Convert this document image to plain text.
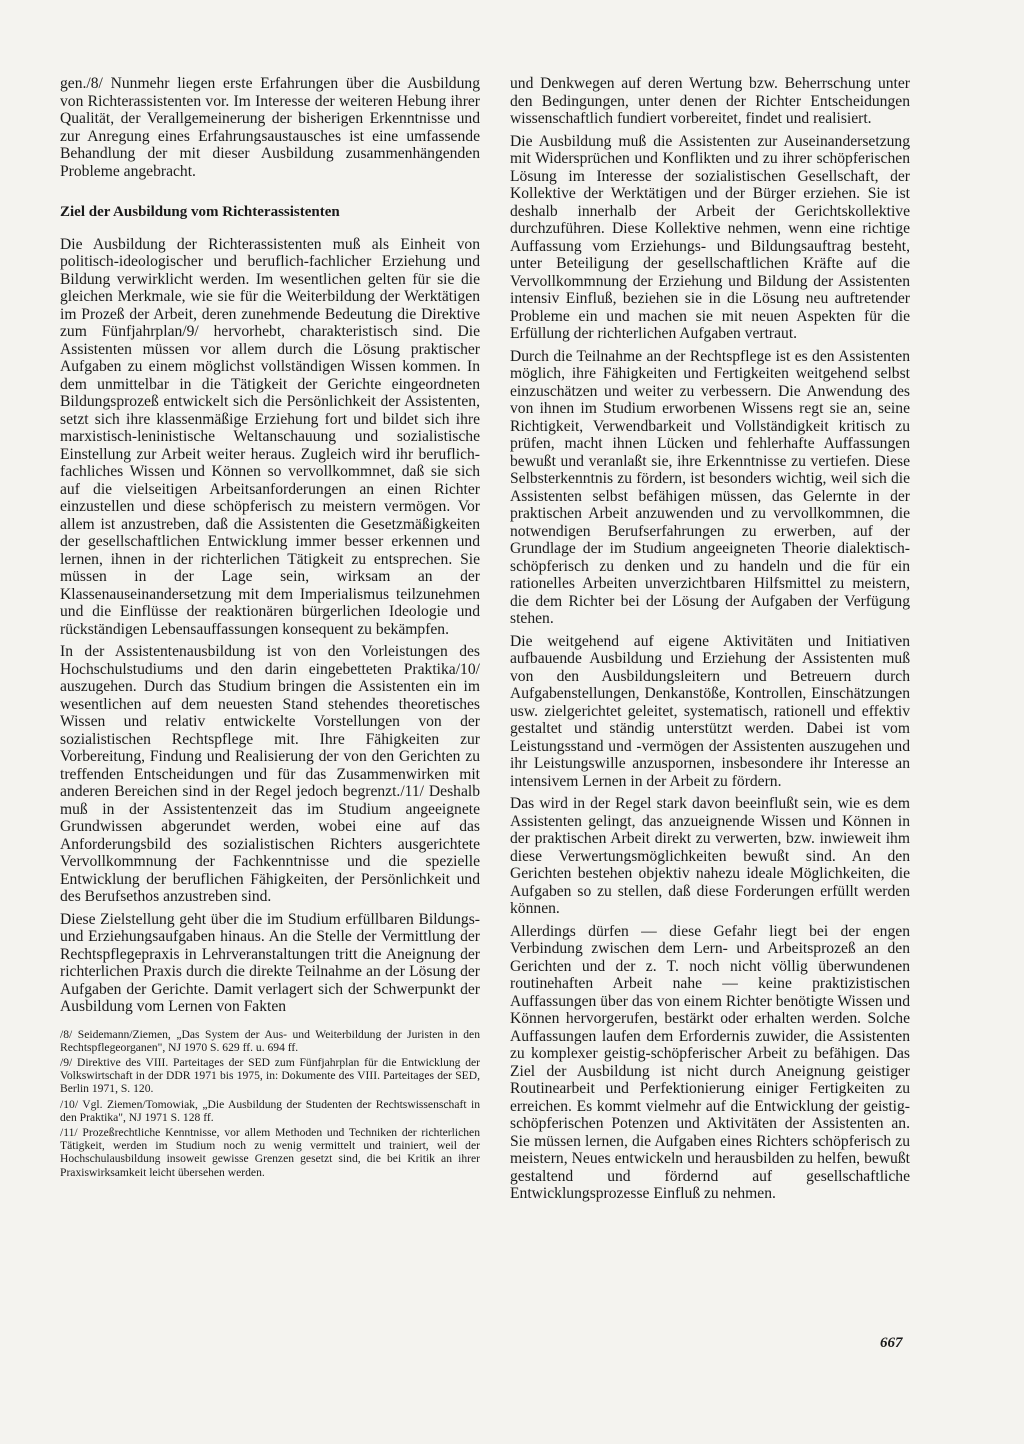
gen./8/ Nunmehr liegen erste Erfahrungen über die Ausbildung von Richterassistenten vor. Im Interesse der weiteren Hebung ihrer Qualität, der Verallgemeinerung der bisherigen Erkenntnisse und zur Anregung eines Erfahrungsaustausches ist eine umfassende Behandlung der mit dieser Ausbildung zusammenhängenden Probleme angebracht.

Ziel der Ausbildung vom Richterassistenten

Die Ausbildung der Richterassistenten muß als Einheit von politisch-ideologischer und beruflich-fachlicher Erziehung und Bildung verwirklicht werden. Im wesentlichen gelten für sie die gleichen Merkmale, wie sie für die Weiterbildung der Werktätigen im Prozeß der Arbeit, deren zunehmende Bedeutung die Direktive zum Fünfjahrplan/9/ hervorhebt, charakteristisch sind. Die Assistenten müssen vor allem durch die Lösung praktischer Aufgaben zu einem möglichst vollständigen Wissen kommen. In dem unmittelbar in die Tätigkeit der Gerichte eingeordneten Bildungsprozeß entwickelt sich die Persönlichkeit der Assistenten, setzt sich ihre klassenmäßige Erziehung fort und bildet sich ihre marxistisch-leninistische Weltanschauung und sozialistische Einstellung zur Arbeit weiter heraus. Zugleich wird ihr beruflich-fachliches Wissen und Können so vervollkommnet, daß sie sich auf die vielseitigen Arbeitsanforderungen an einen Richter einzustellen und diese schöpferisch zu meistern vermögen. Vor allem ist anzustreben, daß die Assistenten die Gesetzmäßigkeiten der gesellschaftlichen Entwicklung immer besser erkennen und lernen, ihnen in der richterlichen Tätigkeit zu entsprechen. Sie müssen in der Lage sein, wirksam an der Klassenauseinandersetzung mit dem Imperialismus teilzunehmen und die Einflüsse der reaktionären bürgerlichen Ideologie und rückständigen Lebensauffassungen konsequent zu bekämpfen.

In der Assistentenausbildung ist von den Vorleistungen des Hochschulstudiums und den darin eingebetteten Praktika/10/ auszugehen. Durch das Studium bringen die Assistenten ein im wesentlichen auf dem neuesten Stand stehendes theoretisches Wissen und relativ entwickelte Vorstellungen von der sozialistischen Rechtspflege mit. Ihre Fähigkeiten zur Vorbereitung, Findung und Realisierung der von den Gerichten zu treffenden Entscheidungen und für das Zusammenwirken mit anderen Bereichen sind in der Regel jedoch begrenzt./11/ Deshalb muß in der Assistentenzeit das im Studium angeeignete Grundwissen abgerundet werden, wobei eine auf das Anforderungsbild des sozialistischen Richters ausgerichtete Vervollkommnung der Fachkenntnisse und die spezielle Entwicklung der beruflichen Fähigkeiten, der Persönlichkeit und des Berufsethos anzustreben sind.

Diese Zielstellung geht über die im Studium erfüllbaren Bildungs- und Erziehungsaufgaben hinaus. An die Stelle der Vermittlung der Rechtspflegepraxis in Lehrveranstaltungen tritt die Aneignung der richterlichen Praxis durch die direkte Teilnahme an der Lösung der Aufgaben der Gerichte. Damit verlagert sich der Schwerpunkt der Ausbildung vom Lernen von Fakten

/8/ Seidemann/Ziemen, „Das System der Aus- und Weiterbildung der Juristen in den Rechtspflegeorganen", NJ 1970 S. 629 ff. u. 694 ff.

/9/ Direktive des VIII. Parteitages der SED zum Fünfjahrplan für die Entwicklung der Volkswirtschaft in der DDR 1971 bis 1975, in: Dokumente des VIII. Parteitages der SED, Berlin 1971, S. 120.

/10/ Vgl. Ziemen/Tomowiak, „Die Ausbildung der Studenten der Rechtswissenschaft in den Praktika", NJ 1971 S. 128 ff.

/11/ Prozeßrechtliche Kenntnisse, vor allem Methoden und Techniken der richterlichen Tätigkeit, werden im Studium noch zu wenig vermittelt und trainiert, weil der Hochschulausbildung insoweit gewisse Grenzen gesetzt sind, die bei Kritik an ihrer Praxiswirksamkeit leicht übersehen werden.

und Denkwegen auf deren Wertung bzw. Beherrschung unter den Bedingungen, unter denen der Richter Entscheidungen wissenschaftlich fundiert vorbereitet, findet und realisiert.

Die Ausbildung muß die Assistenten zur Auseinandersetzung mit Widersprüchen und Konflikten und zu ihrer schöpferischen Lösung im Interesse der sozialistischen Gesellschaft, der Kollektive der Werktätigen und der Bürger erziehen. Sie ist deshalb innerhalb der Arbeit der Gerichtskollektive durchzuführen. Diese Kollektive nehmen, wenn eine richtige Auffassung vom Erziehungs- und Bildungsauftrag besteht, unter Beteiligung der gesellschaftlichen Kräfte auf die Vervollkommnung der Erziehung und Bildung der Assistenten intensiv Einfluß, beziehen sie in die Lösung neu auftretender Probleme ein und machen sie mit neuen Aspekten für die Erfüllung der richterlichen Aufgaben vertraut.

Durch die Teilnahme an der Rechtspflege ist es den Assistenten möglich, ihre Fähigkeiten und Fertigkeiten weitgehend selbst einzuschätzen und weiter zu verbessern. Die Anwendung des von ihnen im Studium erworbenen Wissens regt sie an, seine Richtigkeit, Verwendbarkeit und Vollständigkeit kritisch zu prüfen, macht ihnen Lücken und fehlerhafte Auffassungen bewußt und veranlaßt sie, ihre Erkenntnisse zu vertiefen. Diese Selbsterkenntnis zu fördern, ist besonders wichtig, weil sich die Assistenten selbst befähigen müssen, das Gelernte in der praktischen Arbeit anzuwenden und zu vervollkommnen, die notwendigen Berufserfahrungen zu erwerben, auf der Grundlage der im Studium angeeigneten Theorie dialektisch-schöpferisch zu denken und zu handeln und die für ein rationelles Arbeiten unverzichtbaren Hilfsmittel zu meistern, die dem Richter bei der Lösung der Aufgaben der Verfügung stehen.

Die weitgehend auf eigene Aktivitäten und Initiativen aufbauende Ausbildung und Erziehung der Assistenten muß von den Ausbildungsleitern und Betreuern durch Aufgabenstellungen, Denkanstöße, Kontrollen, Einschätzungen usw. zielgerichtet geleitet, systematisch, rationell und effektiv gestaltet und ständig unterstützt werden. Dabei ist vom Leistungsstand und -vermögen der Assistenten auszugehen und ihr Leistungswille anzuspornen, insbesondere ihr Interesse an intensivem Lernen in der Arbeit zu fördern.

Das wird in der Regel stark davon beeinflußt sein, wie es dem Assistenten gelingt, das anzueignende Wissen und Können in der praktischen Arbeit direkt zu verwerten, bzw. inwieweit ihm diese Verwertungsmöglichkeiten bewußt sind. An den Gerichten bestehen objektiv nahezu ideale Möglichkeiten, die Aufgaben so zu stellen, daß diese Forderungen erfüllt werden können.

Allerdings dürfen — diese Gefahr liegt bei der engen Verbindung zwischen dem Lern- und Arbeitsprozeß an den Gerichten und der z. T. noch nicht völlig überwundenen routinehaften Arbeit nahe — keine praktizistischen Auffassungen über das von einem Richter benötigte Wissen und Können hervorgerufen, bestärkt oder erhalten werden. Solche Auffassungen laufen dem Erfordernis zuwider, die Assistenten zu komplexer geistig-schöpferischer Arbeit zu befähigen. Das Ziel der Ausbildung ist nicht durch Aneignung geistiger Routinearbeit und Perfektionierung einiger Fertigkeiten zu erreichen. Es kommt vielmehr auf die Entwicklung der geistig-schöpferischen Potenzen und Aktivitäten der Assistenten an. Sie müssen lernen, die Aufgaben eines Richters schöpferisch zu meistern, Neues entwickeln und herausbilden zu helfen, bewußt gestaltend und fördernd auf gesellschaftliche Entwicklungsprozesse Einfluß zu nehmen.

667
